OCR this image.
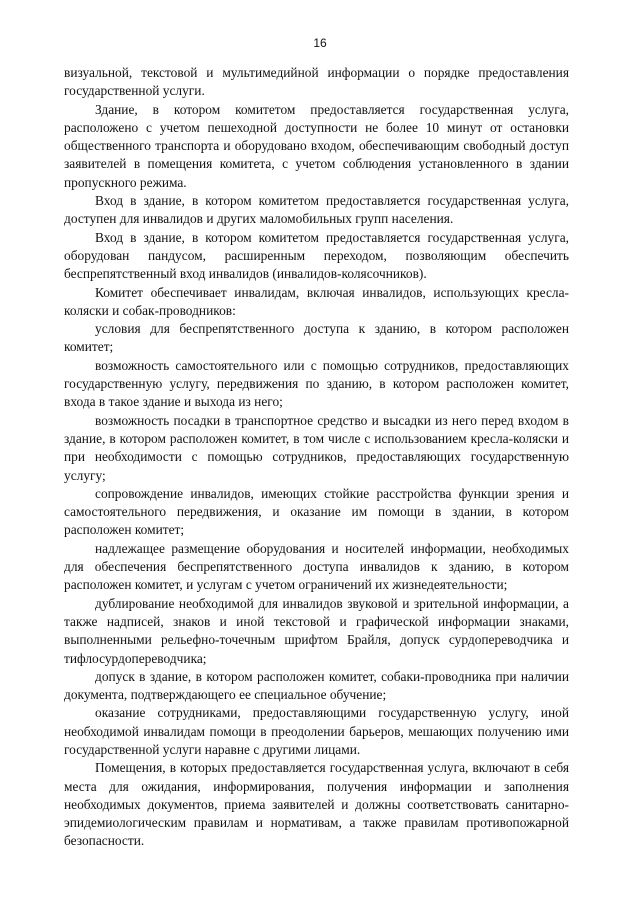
16

визуальной, текстовой и мультимедийной информации о порядке предоставления государственной услуги.

Здание, в котором комитетом предоставляется государственная услуга, расположено с учетом пешеходной доступности не более 10 минут от остановки общественного транспорта и оборудовано входом, обеспечивающим свободный доступ заявителей в помещения комитета, с учетом соблюдения установленного в здании пропускного режима.

Вход в здание, в котором комитетом предоставляется государственная услуга, доступен для инвалидов и других маломобильных групп населения.

Вход в здание, в котором комитетом предоставляется государственная услуга, оборудован пандусом, расширенным переходом, позволяющим обеспечить беспрепятственный вход инвалидов (инвалидов-колясочников).

Комитет обеспечивает инвалидам, включая инвалидов, использующих кресла-коляски и собак-проводников:

условия для беспрепятственного доступа к зданию, в котором расположен комитет;

возможность самостоятельного или с помощью сотрудников, предоставляющих государственную услугу, передвижения по зданию, в котором расположен комитет, входа в такое здание и выхода из него;

возможность посадки в транспортное средство и высадки из него перед входом в здание, в котором расположен комитет, в том числе с использованием кресла-коляски и при необходимости с помощью сотрудников, предоставляющих государственную услугу;

сопровождение инвалидов, имеющих стойкие расстройства функции зрения и самостоятельного передвижения, и оказание им помощи в здании, в котором расположен комитет;

надлежащее размещение оборудования и носителей информации, необходимых для обеспечения беспрепятственного доступа инвалидов к зданию, в котором расположен комитет, и услугам с учетом ограничений их жизнедеятельности;

дублирование необходимой для инвалидов звуковой и зрительной информации, а также надписей, знаков и иной текстовой и графической информации знаками, выполненными рельефно-точечным шрифтом Брайля, допуск сурдопереводчика и тифлосурдопереводчика;

допуск в здание, в котором расположен комитет, собаки-проводника при наличии документа, подтверждающего ее специальное обучение;

оказание сотрудниками, предоставляющими государственную услугу, иной необходимой инвалидам помощи в преодолении барьеров, мешающих получению ими государственной услуги наравне с другими лицами.

Помещения, в которых предоставляется государственная услуга, включают в себя места для ожидания, информирования, получения информации и заполнения необходимых документов, приема заявителей и должны соответствовать санитарно-эпидемиологическим правилам и нормативам, а также правилам противопожарной безопасности.
